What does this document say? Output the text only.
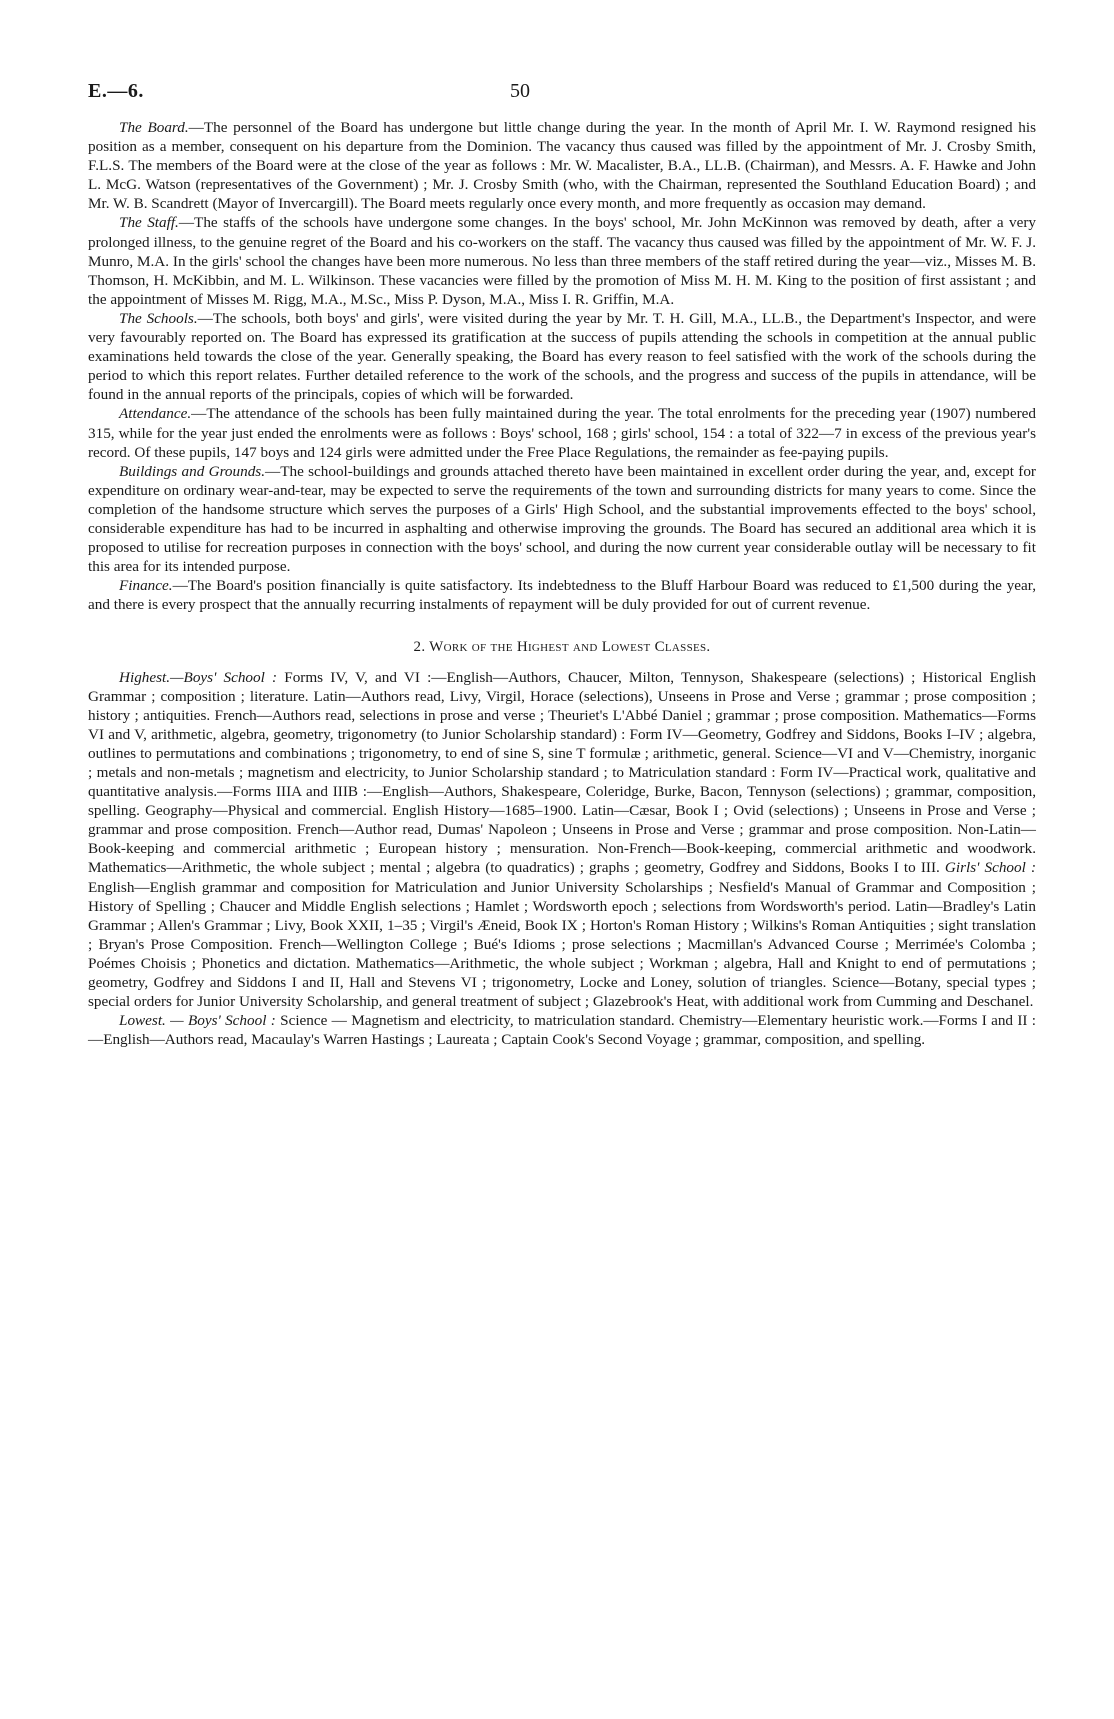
E.—6.	50

The Board.—The personnel of the Board has undergone but little change during the year. In the month of April Mr. I. W. Raymond resigned his position as a member, consequent on his departure from the Dominion. The vacancy thus caused was filled by the appointment of Mr. J. Crosby Smith, F.L.S. The members of the Board were at the close of the year as follows : Mr. W. Macalister, B.A., LL.B. (Chairman), and Messrs. A. F. Hawke and John L. McG. Watson (representatives of the Government) ; Mr. J. Crosby Smith (who, with the Chairman, represented the Southland Education Board) ; and Mr. W. B. Scandrett (Mayor of Invercargill). The Board meets regularly once every month, and more frequently as occasion may demand.

The Staff.—The staffs of the schools have undergone some changes. In the boys' school, Mr. John McKinnon was removed by death, after a very prolonged illness, to the genuine regret of the Board and his co-workers on the staff. The vacancy thus caused was filled by the appointment of Mr. W. F. J. Munro, M.A. In the girls' school the changes have been more numerous. No less than three members of the staff retired during the year—viz., Misses M. B. Thomson, H. McKibbin, and M. L. Wilkinson. These vacancies were filled by the promotion of Miss M. H. M. King to the position of first assistant ; and the appointment of Misses M. Rigg, M.A., M.Sc., Miss P. Dyson, M.A., Miss I. R. Griffin, M.A.

The Schools.—The schools, both boys' and girls', were visited during the year by Mr. T. H. Gill, M.A., LL.B., the Department's Inspector, and were very favourably reported on. The Board has expressed its gratification at the success of pupils attending the schools in competition at the annual public examinations held towards the close of the year. Generally speaking, the Board has every reason to feel satisfied with the work of the schools during the period to which this report relates. Further detailed reference to the work of the schools, and the progress and success of the pupils in attendance, will be found in the annual reports of the principals, copies of which will be forwarded.

Attendance.—The attendance of the schools has been fully maintained during the year. The total enrolments for the preceding year (1907) numbered 315, while for the year just ended the enrolments were as follows : Boys' school, 168 ; girls' school, 154 : a total of 322—7 in excess of the previous year's record. Of these pupils, 147 boys and 124 girls were admitted under the Free Place Regulations, the remainder as fee-paying pupils.

Buildings and Grounds.—The school-buildings and grounds attached thereto have been maintained in excellent order during the year, and, except for expenditure on ordinary wear-and-tear, may be expected to serve the requirements of the town and surrounding districts for many years to come. Since the completion of the handsome structure which serves the purposes of a Girls' High School, and the substantial improvements effected to the boys' school, considerable expenditure has had to be incurred in asphalting and otherwise improving the grounds. The Board has secured an additional area which it is proposed to utilise for recreation purposes in connection with the boys' school, and during the now current year considerable outlay will be necessary to fit this area for its intended purpose.

Finance.—The Board's position financially is quite satisfactory. Its indebtedness to the Bluff Harbour Board was reduced to £1,500 during the year, and there is every prospect that the annually recurring instalments of repayment will be duly provided for out of current revenue.

2. Work of the Highest and Lowest Classes.

Highest.—Boys' School : Forms IV, V, and VI :—English—Authors, Chaucer, Milton, Tennyson, Shakespeare (selections) ; Historical English Grammar ; composition ; literature. Latin—Authors read, Livy, Virgil, Horace (selections), Unseens in Prose and Verse ; grammar ; prose composition ; history ; antiquities. French—Authors read, selections in prose and verse ; Theuriet's L'Abbé Daniel ; grammar ; prose composition. Mathematics—Forms VI and V, arithmetic, algebra, geometry, trigonometry (to Junior Scholarship standard) : Form IV—Geometry, Godfrey and Siddons, Books I–IV ; algebra, outlines to permutations and combinations ; trigonometry, to end of sine S, sine T formulæ ; arithmetic, general. Science—VI and V—Chemistry, inorganic ; metals and non-metals ; magnetism and electricity, to Junior Scholarship standard ; to Matriculation standard : Form IV—Practical work, qualitative and quantitative analysis.—Forms IIIA and IIIB :—English—Authors, Shakespeare, Coleridge, Burke, Bacon, Tennyson (selections) ; grammar, composition, spelling. Geography—Physical and commercial. English History—1685–1900. Latin—Cæsar, Book I ; Ovid (selections) ; Unseens in Prose and Verse ; grammar and prose composition. French—Author read, Dumas' Napoleon ; Unseens in Prose and Verse ; grammar and prose composition. Non-Latin—Book-keeping and commercial arithmetic ; European history ; mensuration. Non-French—Book-keeping, commercial arithmetic and woodwork. Mathematics—Arithmetic, the whole subject ; mental ; algebra (to quadratics) ; graphs ; geometry, Godfrey and Siddons, Books I to III. Girls' School : English—English grammar and composition for Matriculation and Junior University Scholarships ; Nesfield's Manual of Grammar and Composition ; History of Spelling ; Chaucer and Middle English selections ; Hamlet ; Wordsworth epoch ; selections from Wordsworth's period. Latin—Bradley's Latin Grammar ; Allen's Grammar ; Livy, Book XXII, 1–35 ; Virgil's Æneid, Book IX ; Horton's Roman History ; Wilkins's Roman Antiquities ; sight translation ; Bryan's Prose Composition. French—Wellington College ; Bué's Idioms ; prose selections ; Macmillan's Advanced Course ; Merrimée's Colomba ; Poémes Choisis ; Phonetics and dictation. Mathematics—Arithmetic, the whole subject ; Workman ; algebra, Hall and Knight to end of permutations ; geometry, Godfrey and Siddons I and II, Hall and Stevens VI ; trigonometry, Locke and Loney, solution of triangles. Science—Botany, special types ; special orders for Junior University Scholarship, and general treatment of subject ; Glazebrook's Heat, with additional work from Cumming and Deschanel.

Lowest. — Boys' School : Science — Magnetism and electricity, to matriculation standard. Chemistry—Elementary heuristic work.—Forms I and II :—English—Authors read, Macaulay's Warren Hastings ; Laureata ; Captain Cook's Second Voyage ; grammar, composition, and spelling.
